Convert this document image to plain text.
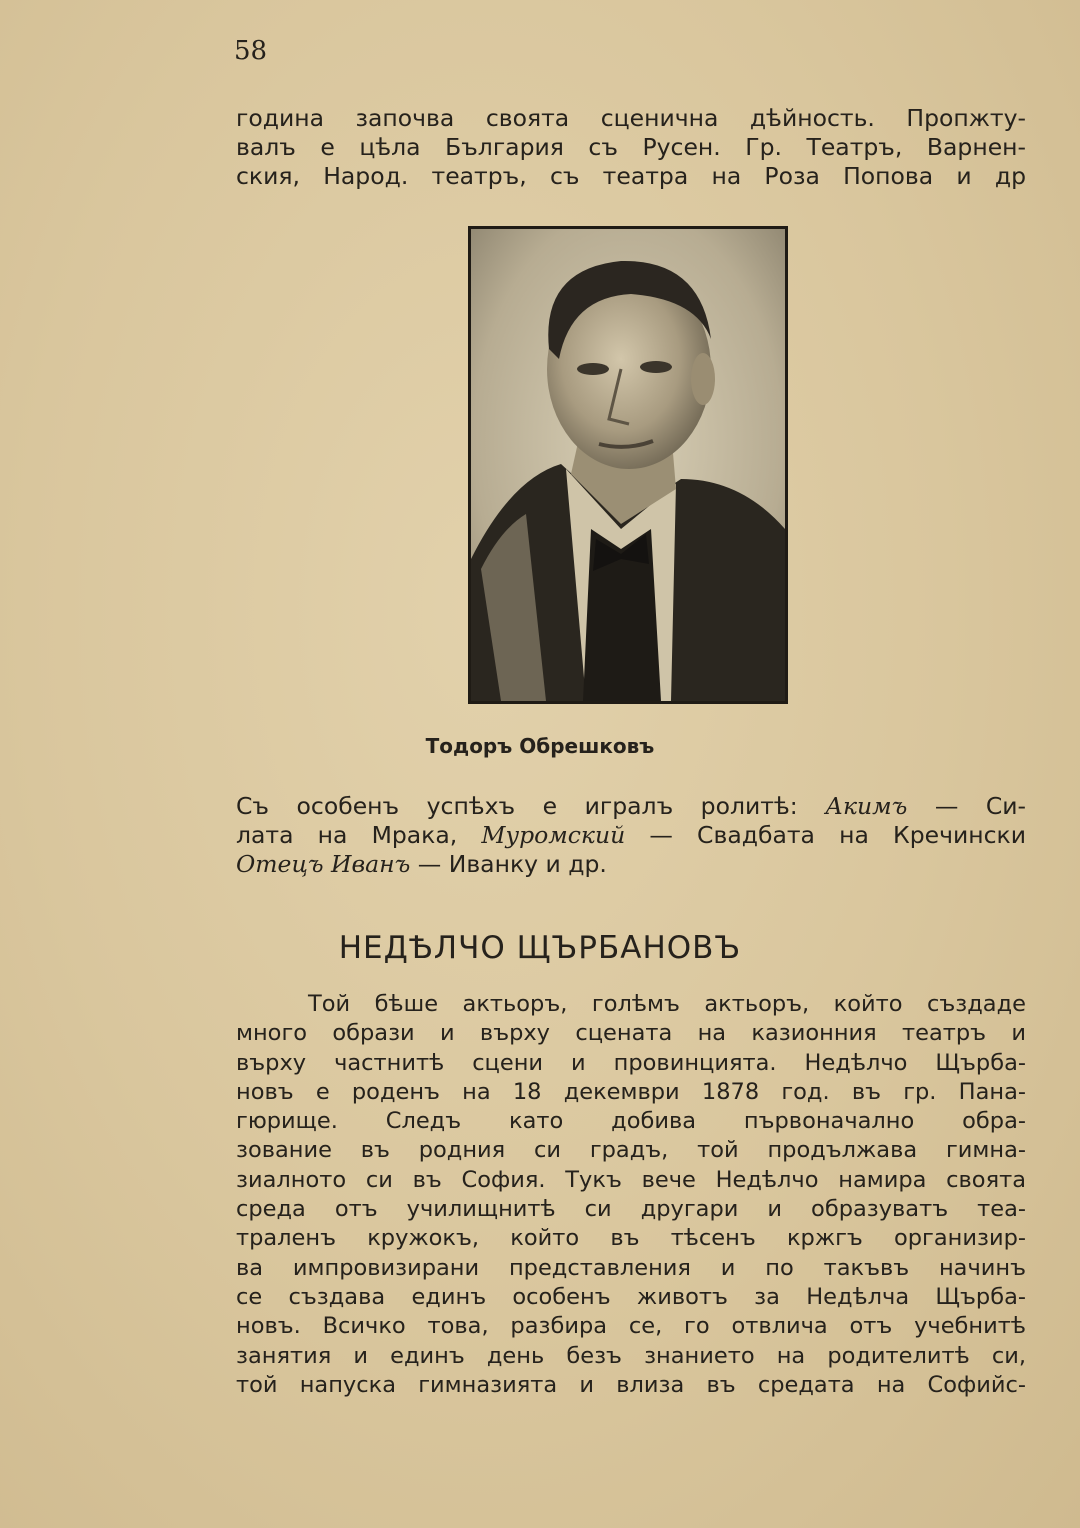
58
година започва своята сценична дѣйность. Пропжту-
валъ е цѣла България съ Русен. Гр. Театръ, Варнен-
ския, Народ. театръ, съ театра на Роза Попова и др
Тодоръ Обрешковъ
Съ особенъ успѣхъ е игралъ ролитѣ: Акимъ — Си-
лата на Мрака, Муромский — Свадбата на Кречински
Отецъ Иванъ — Иванку и др.
НЕДѢЛЧО ЩЪРБАНОВЪ
Той бѣше актьоръ, голѣмъ актьоръ, който създаде
много образи и върху сцената на казионния театръ и
върху частнитѣ сцени и провинцията. Недѣлчо Щърба-
новъ е роденъ на 18 декември 1878 год. въ гр. Пана-
гюрище. Следъ като добива първоначално обра-
зование въ родния си градъ, той продължава гимна-
зиалното си въ София. Тукъ вече Недѣлчо намира своята
среда отъ училищнитѣ си другари и образуватъ теа-
траленъ кружокъ, който въ тѣсенъ кржгъ организир-
ва импровизирани представления и по такъвъ начинъ
се създава единъ особенъ животъ за Недѣлча Щърба-
новъ. Всичко това, разбира се, го отвлича отъ учебнитѣ
занятия и единъ день безъ знанието на родителитѣ си,
той напуска гимназията и влиза въ средата на Софийс-
